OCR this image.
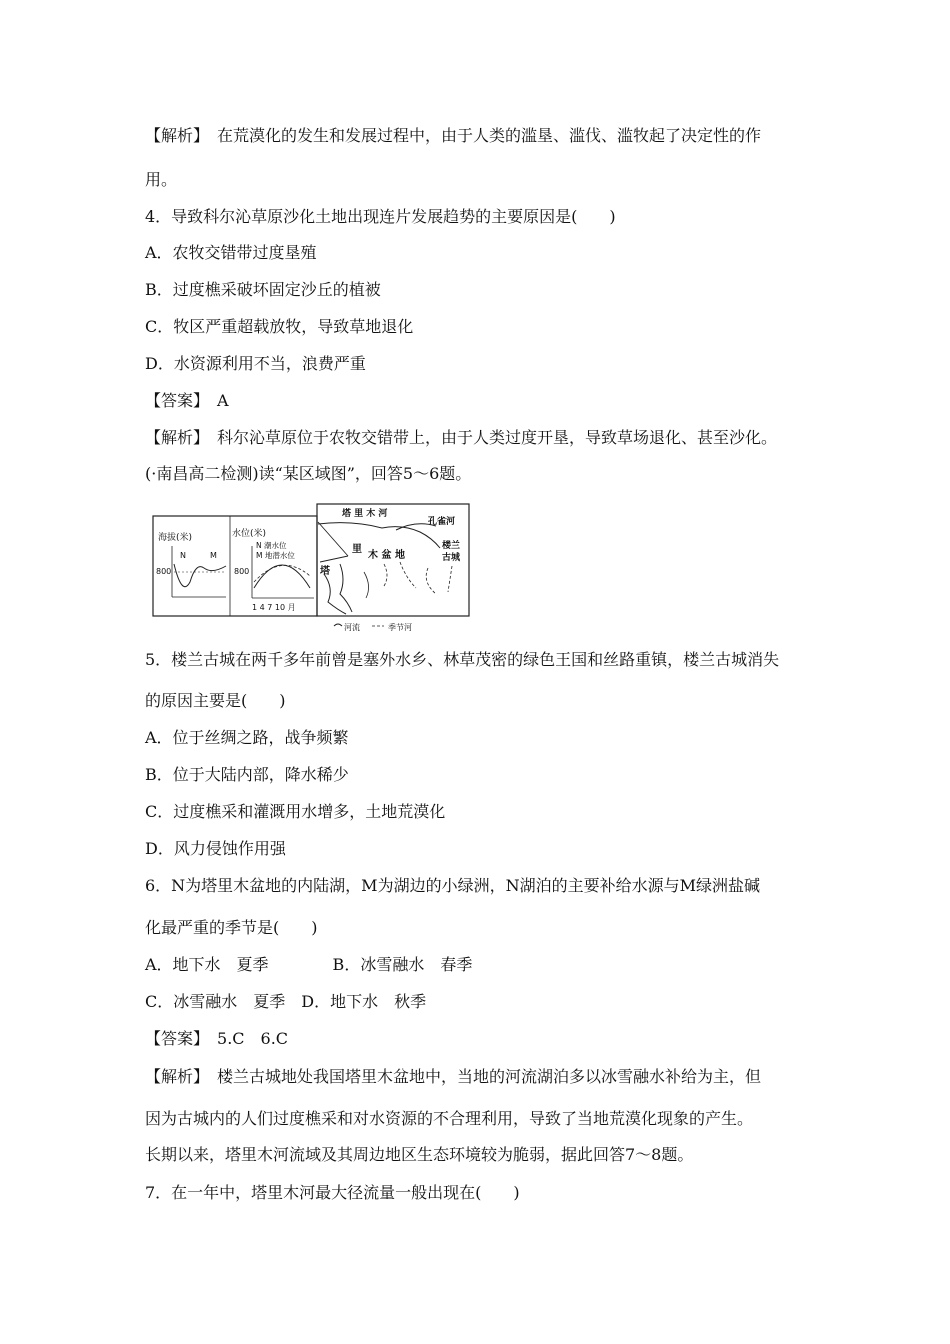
【解析】　在荒漠化的发生和发展过程中，由于人类的滥垦、滥伐、滥牧起了决定性的作
用。
4．导致科尔沁草原沙化土地出现连片发展趋势的主要原因是(　　)
A．农牧交错带过度垦殖
B．过度樵采破坏固定沙丘的植被
C．牧区严重超载放牧，导致草地退化
D．水资源利用不当，浪费严重
【答案】　A
【解析】　科尔沁草原位于农牧交错带上，由于人类过度开垦，导致草场退化、甚至沙化。
(·南昌高二检测)读“某区域图”，回答5～6题。
海拔(米)
800
N	M
水位(米)
N 潮水位
M 地潜水位
800
1 4 7 10 月
塔 里 木 河
孔雀河
楼兰
古城
里
木 盆 地
塔
河流	季节河
5．楼兰古城在两千多年前曾是塞外水乡、林草茂密的绿色王国和丝路重镇，楼兰古城消失
的原因主要是(　　)
A．位于丝绸之路，战争频繁
B．位于大陆内部，降水稀少
C．过度樵采和灌溉用水增多，土地荒漠化
D．风力侵蚀作用强
6．N为塔里木盆地的内陆湖，M为湖边的小绿洲，N湖泊的主要补给水源与M绿洲盐碱
化最严重的季节是(　　)
A．地下水　夏季　　　　B．冰雪融水　春季
C．冰雪融水　夏季　D．地下水　秋季
【答案】　5.C　6.C
【解析】　楼兰古城地处我国塔里木盆地中，当地的河流湖泊多以冰雪融水补给为主，但
因为古城内的人们过度樵采和对水资源的不合理利用，导致了当地荒漠化现象的产生。
长期以来，塔里木河流域及其周边地区生态环境较为脆弱，据此回答7～8题。
7．在一年中，塔里木河最大径流量一般出现在(　　)
